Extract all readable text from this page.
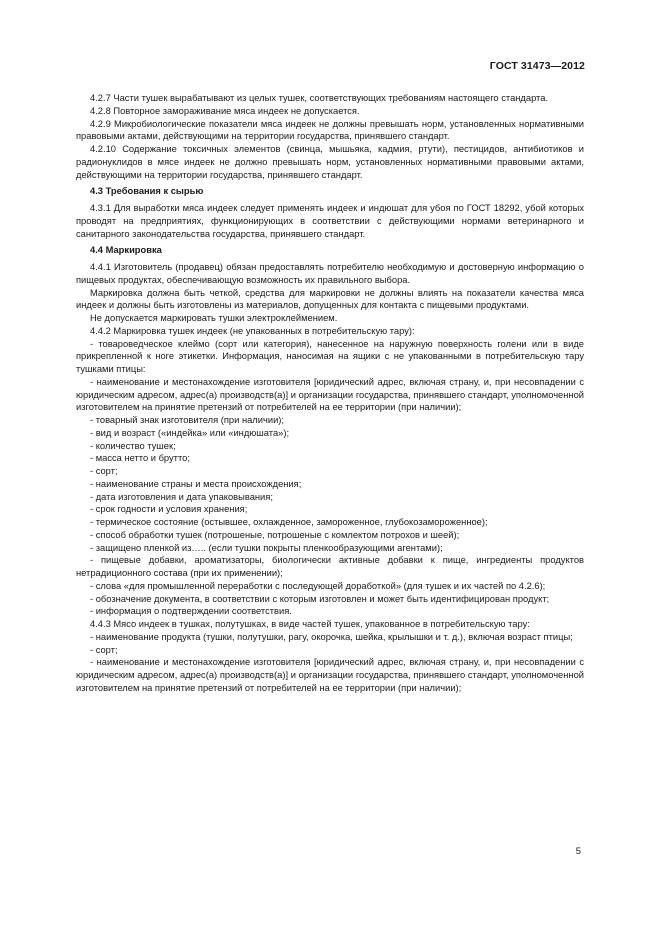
ГОСТ 31473—2012

4.2.7 Части тушек вырабатывают из целых тушек, соответствующих требованиям настоящего стандарта.

4.2.8 Повторное замораживание мяса индеек не допускается.

4.2.9 Микробиологические показатели мяса индеек не должны превышать норм, установленных нормативными правовыми актами, действующими на территории государства, принявшего стандарт.

4.2.10 Содержание токсичных элементов (свинца, мышьяка, кадмия, ртути), пестицидов, антибиотиков и радионуклидов в мясе индеек не должно превышать норм, установленных нормативными правовыми актами, действующими на территории государства, принявшего стандарт.

4.3 Требования к сырью

4.3.1 Для выработки мяса индеек следует применять индеек и индюшат для убоя по ГОСТ 18292, убой которых проводят на предприятиях, функционирующих в соответствии с действующими нормами ветеринарного и санитарного законодательства государства, принявшего стандарт.

4.4 Маркировка

4.4.1 Изготовитель (продавец) обязан предоставлять потребителю необходимую и достоверную информацию о пищевых продуктах, обеспечивающую возможность их правильного выбора.

Маркировка должна быть четкой, средства для маркировки не должны влиять на показатели качества мяса индеек и должны быть изготовлены из материалов, допущенных для контакта с пищевыми продуктами.

Не допускается маркировать тушки электроклеймением.

4.4.2 Маркировка тушек индеек (не упакованных в потребительскую тару):

- товароведческое клеймо (сорт или категория), нанесенное на наружную поверхность голени или в виде прикрепленной к ноге этикетки. Информация, наносимая на ящики с не упакованными в потребительскую тару тушками птицы:

- наименование и местонахождение изготовителя [юридический адрес, включая страну, и, при несовпадении с юридическим адресом, адрес(а) производств(а)] и организации государства, принявшего стандарт, уполномоченной изготовителем на принятие претензий от потребителей на ее территории (при наличии);

- товарный знак изготовителя (при наличии);

- вид и возраст («индейка» или «индюшата»);

- количество тушек;

- масса нетто и брутто;

- сорт;

- наименование страны и места происхождения;

- дата изготовления и дата упаковывания;

- срок годности и условия хранения;

- термическое состояние (остывшее, охлажденное, замороженное, глубокозамороженное);

- способ обработки тушек (потрошеные, потрошеные с комлектом потрохов и шеей);

- защищено пленкой из….. (если тушки покрыты пленкообразующими агентами);

- пищевые добавки, ароматизаторы, биологически активные добавки к пище, ингредиенты продуктов нетрадиционного состава (при их применении);

- слова «для промышленной переработки с последующей доработкой» (для тушек и их частей по 4.2.6);

- обозначение документа, в соответствии с которым изготовлен и может быть идентифицирован продукт;

- информация о подтверждении соответствия.

4.4.3 Мясо индеек в тушках, полутушках, в виде частей тушек, упакованное в потребительскую тару:

- наименование продукта (тушки, полутушки, рагу, окорочка, шейка, крылышки и т. д.), включая возраст птицы;

- сорт;

- наименование и местонахождение изготовителя [юридический адрес, включая страну, и, при несовпадении с юридическим адресом, адрес(а) производств(а)] и организации государства, принявшего стандарт, уполномоченной изготовителем на принятие претензий от потребителей на ее территории (при наличии);

5
